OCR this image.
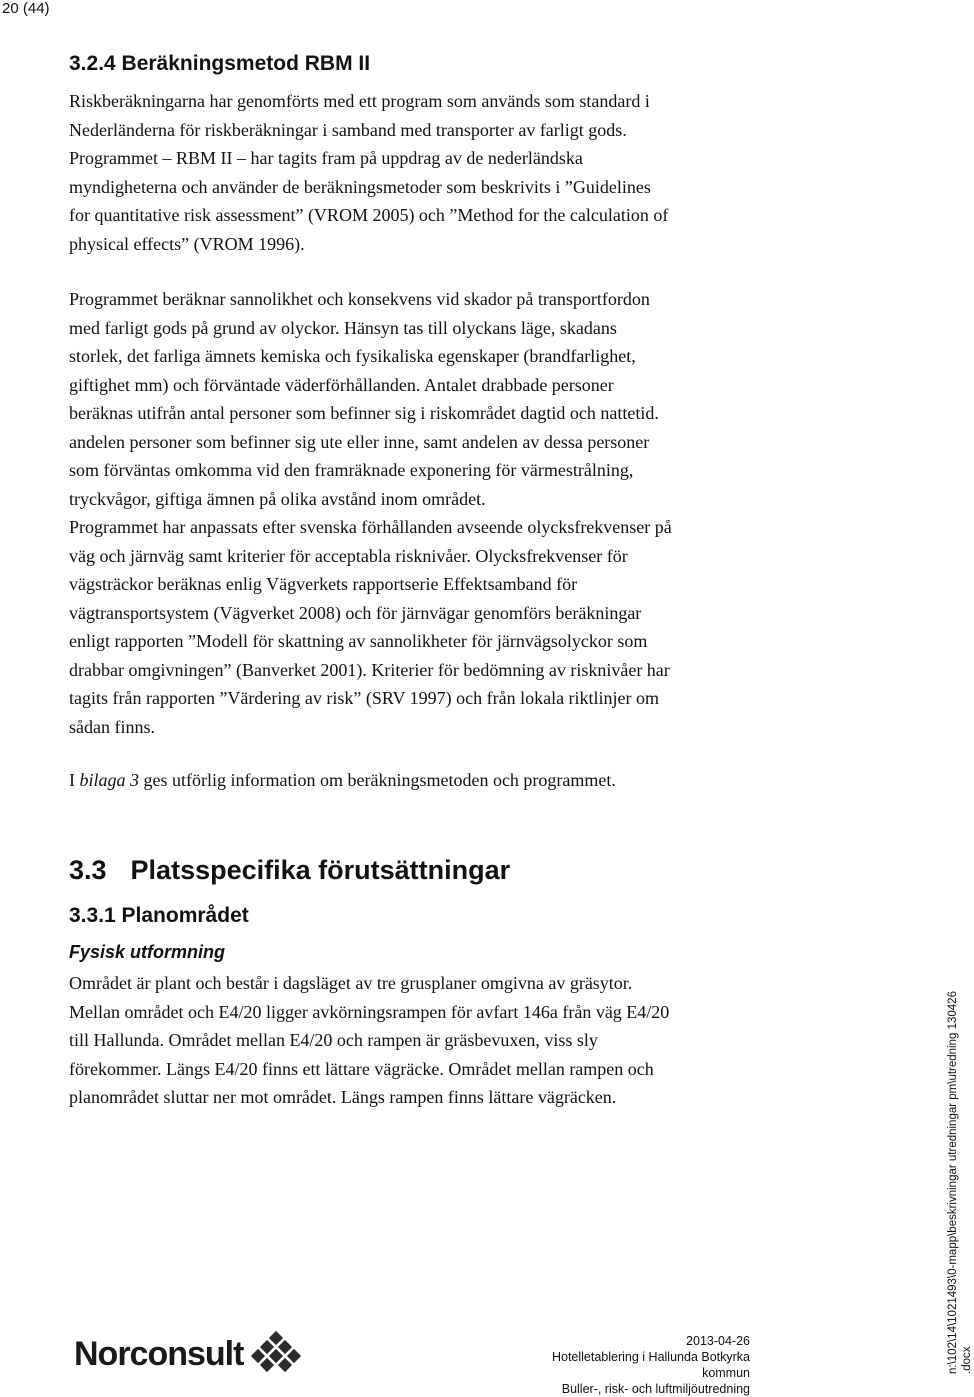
20 (44)
3.2.4 Beräkningsmetod RBM II

Riskberäkningarna har genomförts med ett program som används som standard i
Nederländerna för riskberäkningar i samband med transporter av farligt gods.
Programmet – RBM II – har tagits fram på uppdrag av de nederländska
myndigheterna och använder de beräkningsmetoder som beskrivits i ”Guidelines
for quantitative risk assessment” (VROM 2005) och ”Method for the calculation of
physical effects” (VROM 1996).

Programmet beräknar sannolikhet och konsekvens vid skador på transportfordon
med farligt gods på grund av olyckor. Hänsyn tas till olyckans läge, skadans
storlek, det farliga ämnets kemiska och fysikaliska egenskaper (brandfarlighet,
giftighet mm) och förväntade väderförhållanden. Antalet drabbade personer
beräknas utifrån antal personer som befinner sig i riskområdet dagtid och nattetid.
andelen personer som befinner sig ute eller inne, samt andelen av dessa personer
som förväntas omkomma vid den framräknade exponering för värmestrålning,
tryckvågor, giftiga ämnen på olika avstånd inom området.
Programmet har anpassats efter svenska förhållanden avseende olycksfrekvenser på
väg och järnväg samt kriterier för acceptabla risknivåer. Olycksfrekvenser för
vägsträckor beräknas enlig Vägverkets rapportserie Effektsamband för
vägtransportsystem (Vägverket 2008) och för järnvägar genomförs beräkningar
enligt rapporten ”Modell för skattning av sannolikheter för järnvägsolyckor som
drabbar omgivningen” (Banverket 2001). Kriterier för bedömning av risknivåer har
tagits från rapporten ”Värdering av risk” (SRV 1997) och från lokala riktlinjer om
sådan finns.

I bilaga 3 ges utförlig information om beräkningsmetoden och programmet.

3.3 Platsspecifika förutsättningar
3.3.1 Planområdet
Fysisk utformning

Området är plant och består i dagsläget av tre grusplaner omgivna av gräsytor.
Mellan området och E4/20 ligger avkörningsrampen för avfart 146a från väg E4/20
till Hallunda. Området mellan E4/20 och rampen är gräsbevuxen, viss sly
förekommer. Längs E4/20 finns ett lättare vägräcke. Området mellan rampen och
planområdet sluttar ner mot området. Längs rampen finns lättare vägräcken.

Norconsult	2013-04-26
Hotelletablering i Hallunda Botkyrka kommun
Buller-, risk- och luftmiljöutredning
n:\102\14\1021493\0-mapp\beskrivningar utredningar pm\utredning 130426 .docx
